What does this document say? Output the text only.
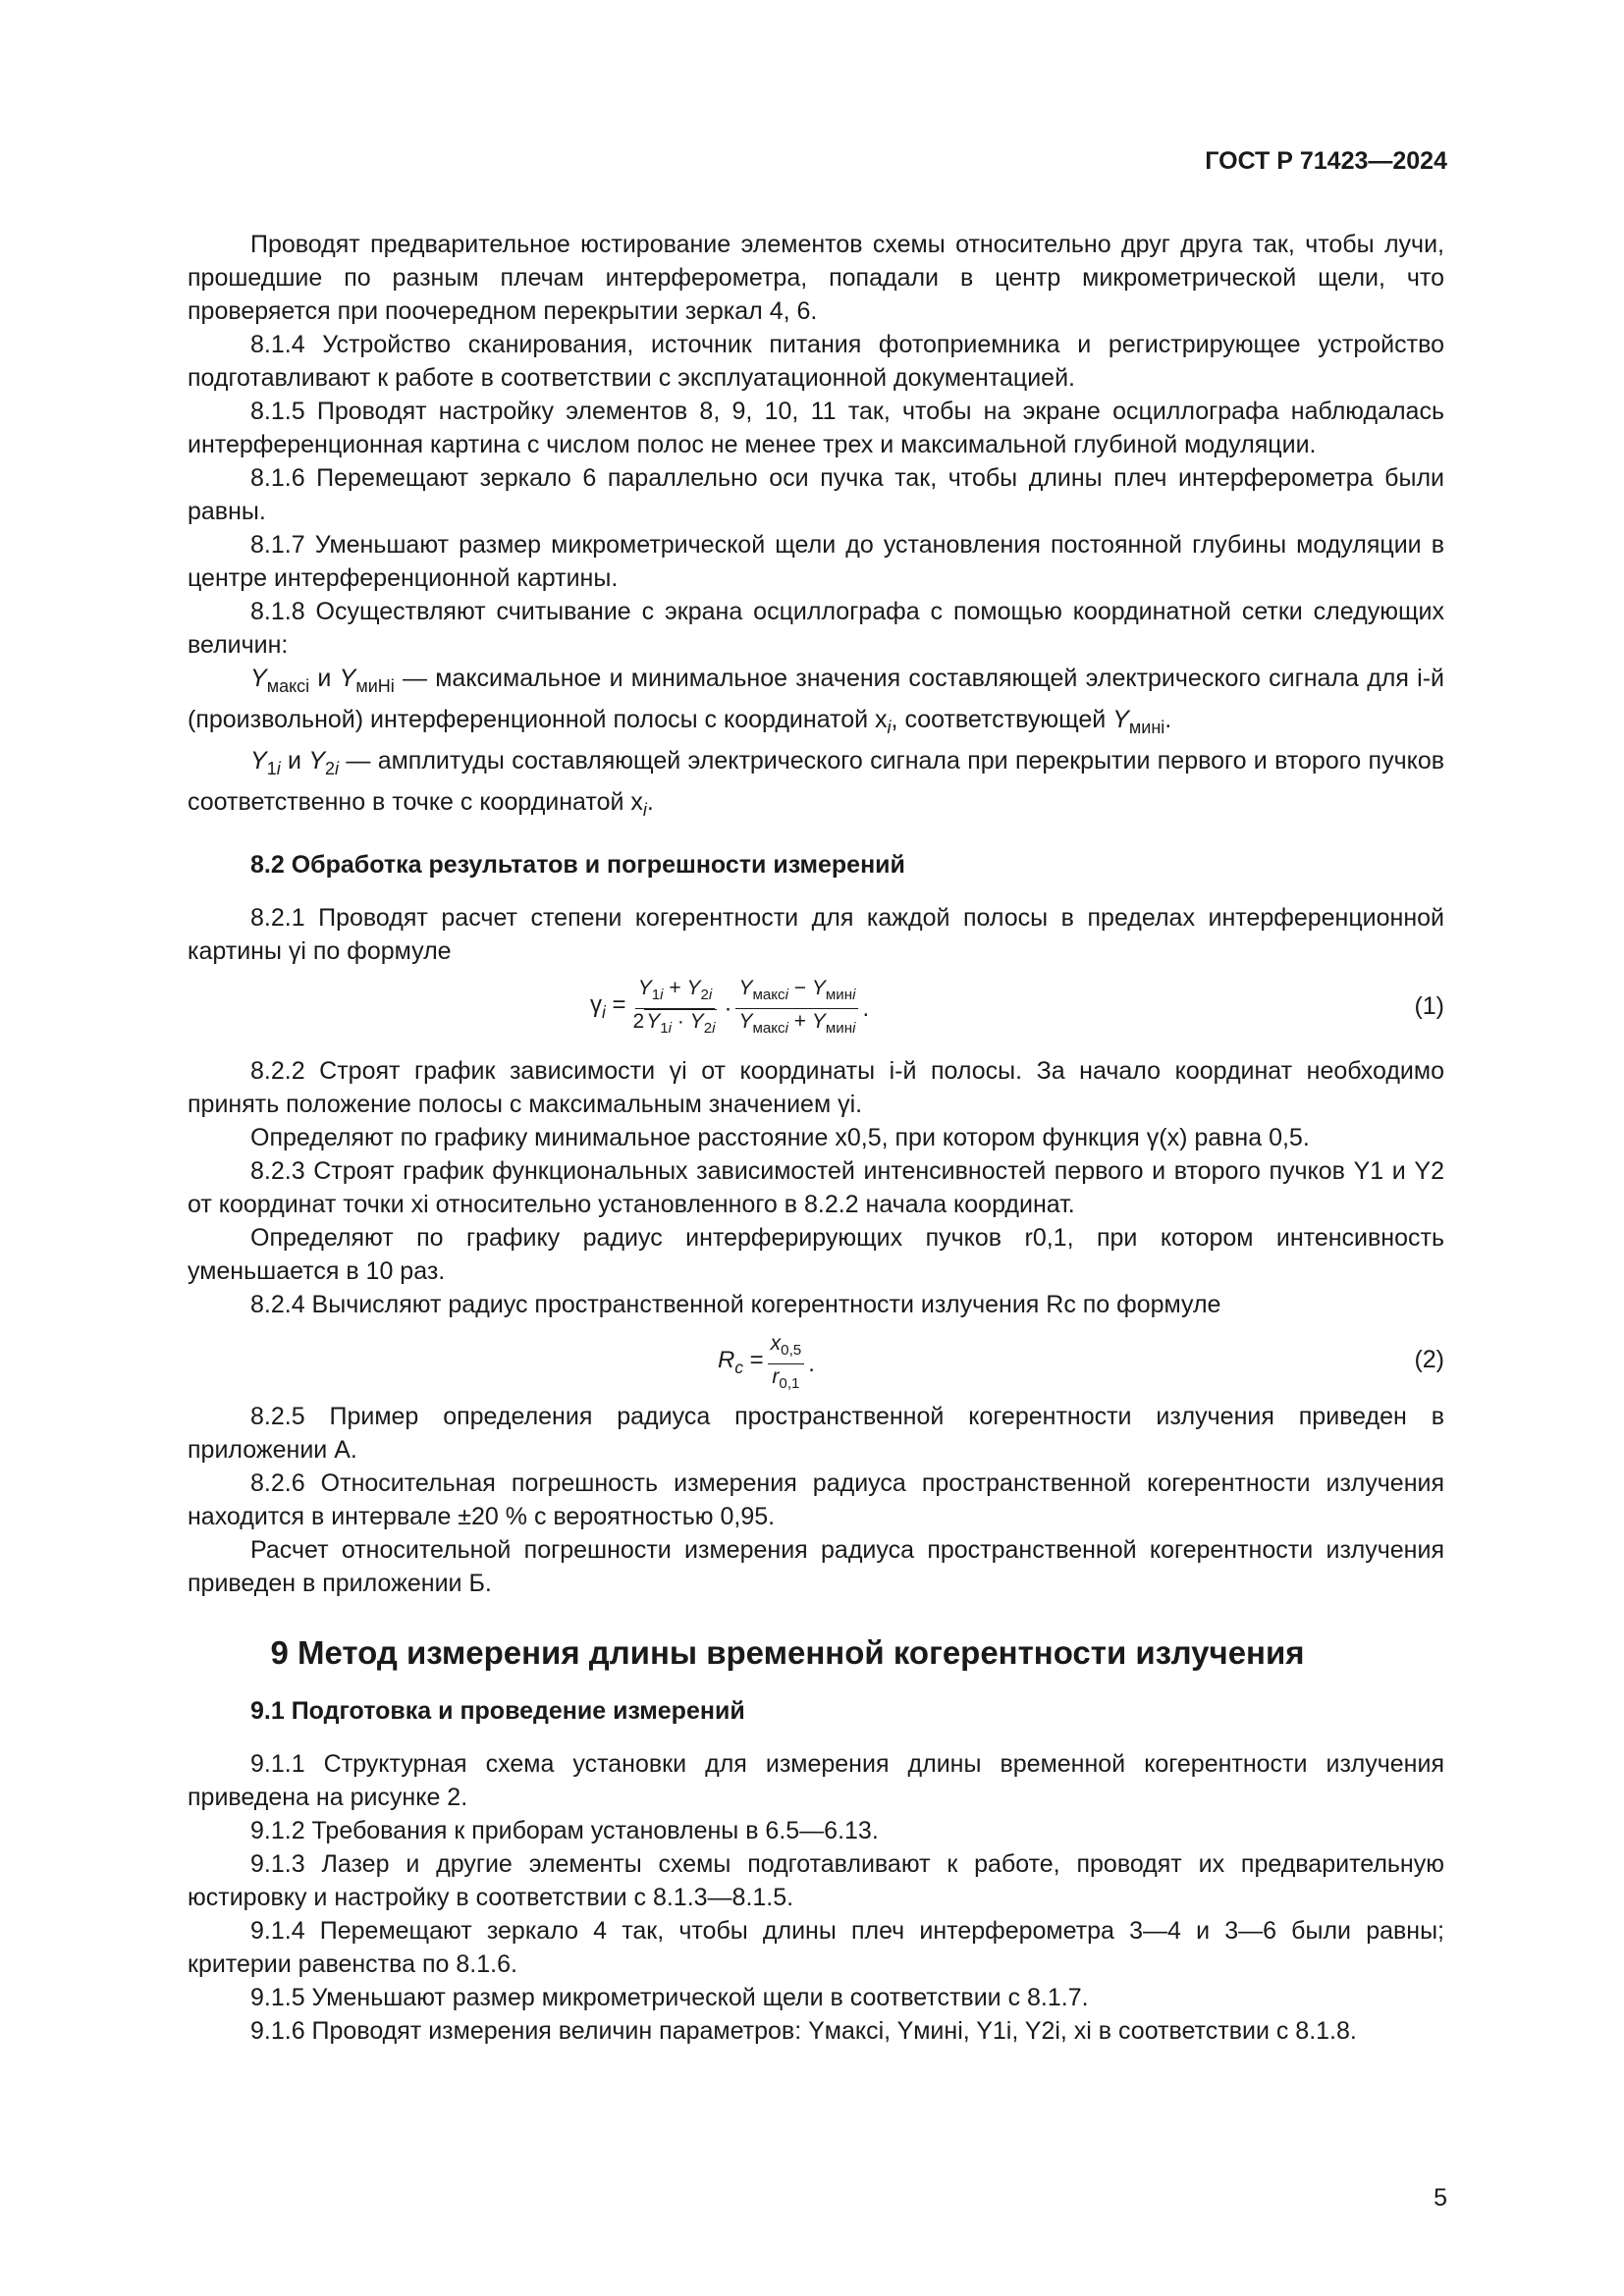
ГОСТ Р 71423—2024

Проводят предварительное юстирование элементов схемы относительно друг друга так, чтобы лучи, прошедшие по разным плечам интерферометра, попадали в центр микрометрической щели, что проверяется при поочередном перекрытии зеркал 4, 6.

8.1.4 Устройство сканирования, источник питания фотоприемника и регистрирующее устройство подготавливают к работе в соответствии с эксплуатационной документацией.

8.1.5 Проводят настройку элементов 8, 9, 10, 11 так, чтобы на экране осциллографа наблюдалась интерференционная картина с числом полос не менее трех и максимальной глубиной модуляции.

8.1.6 Перемещают зеркало 6 параллельно оси пучка так, чтобы длины плеч интерферометра были равны.

8.1.7 Уменьшают размер микрометрической щели до установления постоянной глубины модуляции в центре интерференционной картины.

8.1.8 Осуществляют считывание с экрана осциллографа с помощью координатной сетки следующих величин:

$Y_{максi}$ и $Y_{миНi}$ — максимальное и минимальное значения составляющей электрического сигнала для i-й (произвольной) интерференционной полосы с координатой $x_i$, соответствующей $Y_{минi}$.

$Y_{1i}$ и $Y_{2i}$ — амплитуды составляющей электрического сигнала при перекрытии первого и второго пучков соответственно в точке с координатой $x_i$.

8.2 Обработка результатов и погрешности измерений

8.2.1 Проводят расчет степени когерентности для каждой полосы в пределах интерференционной картины γi по формуле

$\gamma_i = \frac{Y_{1i} + Y_{2i}}{2Y_{1i} \cdot Y_{2i}} \cdot \frac{Y_{максi} - Y_{минi}}{Y_{максi} + Y_{минi}}$ .	(1)

8.2.2 Строят график зависимости γi от координаты i-й полосы. За начало координат необходимо принять положение полосы с максимальным значением γi.

Определяют по графику минимальное расстояние x0,5, при котором функция γ(x) равна 0,5.

8.2.3 Строят график функциональных зависимостей интенсивностей первого и второго пучков Y1 и Y2 от координат точки xi относительно установленного в 8.2.2 начала координат.

Определяют по графику радиус интерферирующих пучков r0,1, при котором интенсивность уменьшается в 10 раз.

8.2.4 Вычисляют радиус пространственной когерентности излучения Rc по формуле

$R_c = \frac{x_{0,5}}{r_{0,1}}$ .	(2)

8.2.5 Пример определения радиуса пространственной когерентности излучения приведен в приложении А.

8.2.6 Относительная погрешность измерения радиуса пространственной когерентности излучения находится в интервале ±20 % с вероятностью 0,95.

Расчет относительной погрешности измерения радиуса пространственной когерентности излучения приведен в приложении Б.

9 Метод измерения длины временной когерентности излучения

9.1 Подготовка и проведение измерений

9.1.1 Структурная схема установки для измерения длины временной когерентности излучения приведена на рисунке 2.

9.1.2 Требования к приборам установлены в 6.5—6.13.

9.1.3 Лазер и другие элементы схемы подготавливают к работе, проводят их предварительную юстировку и настройку в соответствии с 8.1.3—8.1.5.

9.1.4 Перемещают зеркало 4 так, чтобы длины плеч интерферометра 3—4 и 3—6 были равны; критерии равенства по 8.1.6.

9.1.5 Уменьшают размер микрометрической щели в соответствии с 8.1.7.

9.1.6 Проводят измерения величин параметров: Yмаксi, Yминi, Y1i, Y2i, xi в соответствии с 8.1.8.

5
